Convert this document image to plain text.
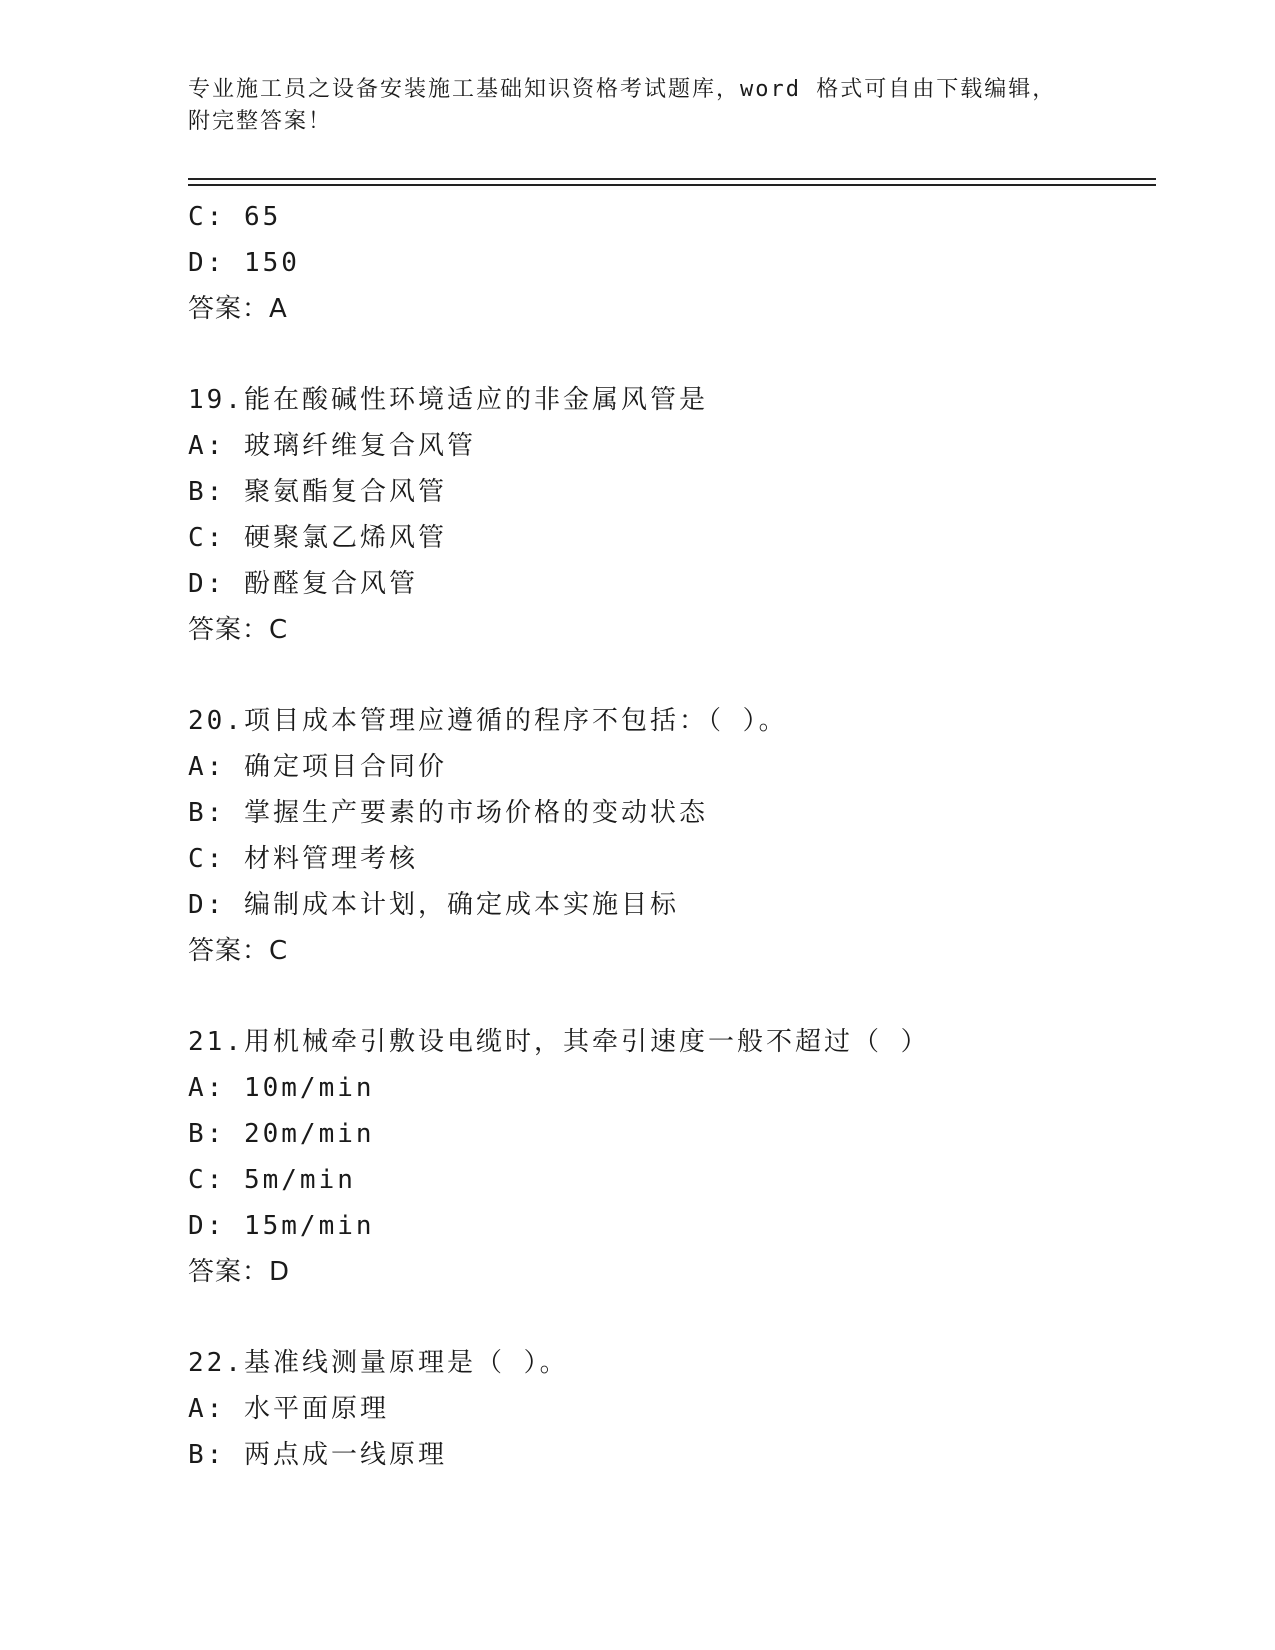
专业施工员之设备安装施工基础知识资格考试题库，word 格式可自由下载编辑，
附完整答案！
C: 65
D: 150
答案：A
19.能在酸碱性环境适应的非金属风管是
A: 玻璃纤维复合风管
B: 聚氨酯复合风管
C: 硬聚氯乙烯风管
D: 酚醛复合风管
答案：C
20.项目成本管理应遵循的程序不包括：（ ）。
A: 确定项目合同价
B: 掌握生产要素的市场价格的变动状态
C: 材料管理考核
D: 编制成本计划，确定成本实施目标
答案：C
21.用机械牵引敷设电缆时，其牵引速度一般不超过（ ）
A: 10m/min
B: 20m/min
C: 5m/min
D: 15m/min
答案：D
22.基准线测量原理是（ ）。
A: 水平面原理
B: 两点成一线原理
